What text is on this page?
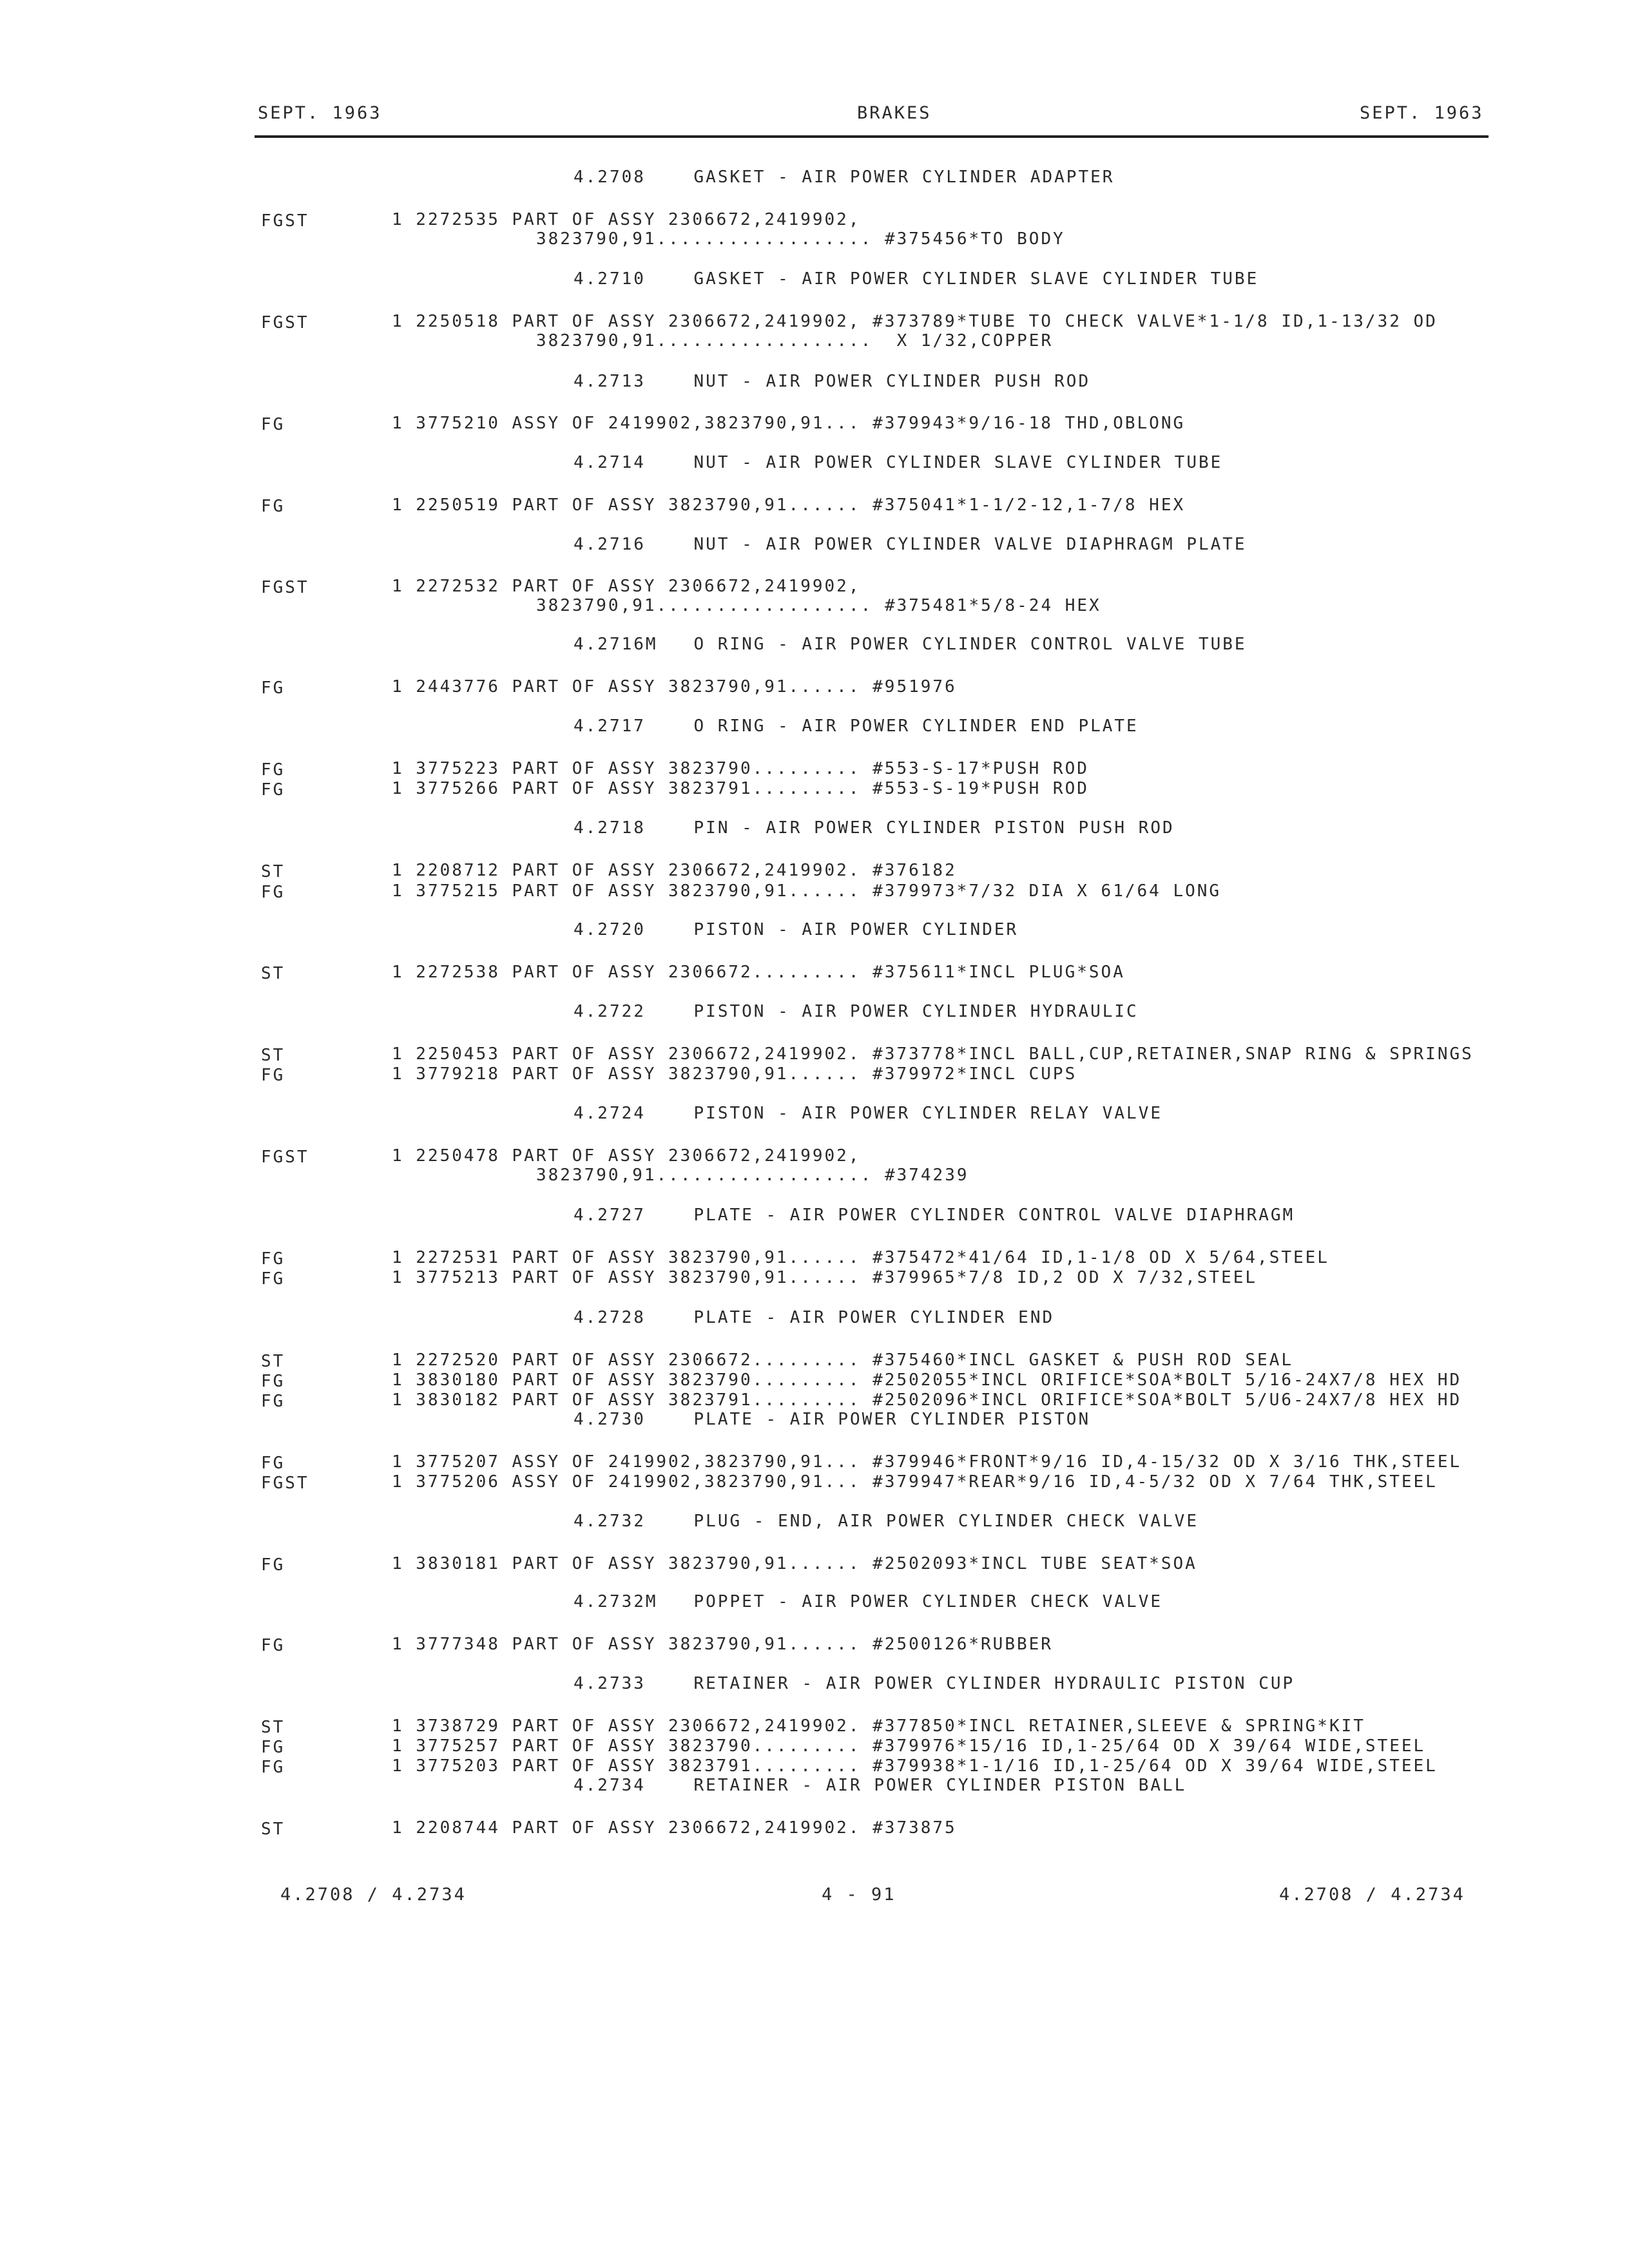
SEPT. 1963	BRAKES	SEPT. 1963
4.2708    GASKET - AIR POWER CYLINDER ADAPTER
FGST	1 2272535 PART OF ASSY 2306672,2419902,
3823790,91.................. #375456*TO BODY
4.2710    GASKET - AIR POWER CYLINDER SLAVE CYLINDER TUBE
FGST	1 2250518 PART OF ASSY 2306672,2419902, #373789*TUBE TO CHECK VALVE*1-1/8 ID,1-13/32 OD
3823790,91..................  X 1/32,COPPER
4.2713    NUT - AIR POWER CYLINDER PUSH ROD
FG	1 3775210 ASSY OF 2419902,3823790,91... #379943*9/16-18 THD,OBLONG
4.2714    NUT - AIR POWER CYLINDER SLAVE CYLINDER TUBE
FG	1 2250519 PART OF ASSY 3823790,91...... #375041*1-1/2-12,1-7/8 HEX
4.2716    NUT - AIR POWER CYLINDER VALVE DIAPHRAGM PLATE
FGST	1 2272532 PART OF ASSY 2306672,2419902,
3823790,91.................. #375481*5/8-24 HEX
4.2716M   O RING - AIR POWER CYLINDER CONTROL VALVE TUBE
FG	1 2443776 PART OF ASSY 3823790,91...... #951976
4.2717    O RING - AIR POWER CYLINDER END PLATE
FG	1 3775223 PART OF ASSY 3823790......... #553-S-17*PUSH ROD
FG	1 3775266 PART OF ASSY 3823791......... #553-S-19*PUSH ROD
4.2718    PIN - AIR POWER CYLINDER PISTON PUSH ROD
ST	1 2208712 PART OF ASSY 2306672,2419902. #376182
FG	1 3775215 PART OF ASSY 3823790,91...... #379973*7/32 DIA X 61/64 LONG
4.2720    PISTON - AIR POWER CYLINDER
ST	1 2272538 PART OF ASSY 2306672......... #375611*INCL PLUG*SOA
4.2722    PISTON - AIR POWER CYLINDER HYDRAULIC
ST	1 2250453 PART OF ASSY 2306672,2419902. #373778*INCL BALL,CUP,RETAINER,SNAP RING & SPRINGS
FG	1 3779218 PART OF ASSY 3823790,91...... #379972*INCL CUPS
4.2724    PISTON - AIR POWER CYLINDER RELAY VALVE
FGST	1 2250478 PART OF ASSY 2306672,2419902,
3823790,91.................. #374239
4.2727    PLATE - AIR POWER CYLINDER CONTROL VALVE DIAPHRAGM
FG	1 2272531 PART OF ASSY 3823790,91...... #375472*41/64 ID,1-1/8 OD X 5/64,STEEL
FG	1 3775213 PART OF ASSY 3823790,91...... #379965*7/8 ID,2 OD X 7/32,STEEL
4.2728    PLATE - AIR POWER CYLINDER END
ST	1 2272520 PART OF ASSY 2306672......... #375460*INCL GASKET & PUSH ROD SEAL
FG	1 3830180 PART OF ASSY 3823790......... #2502055*INCL ORIFICE*SOA*BOLT 5/16-24X7/8 HEX HD
FG	1 3830182 PART OF ASSY 3823791......... #2502096*INCL ORIFICE*SOA*BOLT 5/U6-24X7/8 HEX HD
4.2730    PLATE - AIR POWER CYLINDER PISTON
FG	1 3775207 ASSY OF 2419902,3823790,91... #379946*FRONT*9/16 ID,4-15/32 OD X 3/16 THK,STEEL
FGST	1 3775206 ASSY OF 2419902,3823790,91... #379947*REAR*9/16 ID,4-5/32 OD X 7/64 THK,STEEL
4.2732    PLUG - END, AIR POWER CYLINDER CHECK VALVE
FG	1 3830181 PART OF ASSY 3823790,91...... #2502093*INCL TUBE SEAT*SOA
4.2732M   POPPET - AIR POWER CYLINDER CHECK VALVE
FG	1 3777348 PART OF ASSY 3823790,91...... #2500126*RUBBER
4.2733    RETAINER - AIR POWER CYLINDER HYDRAULIC PISTON CUP
ST	1 3738729 PART OF ASSY 2306672,2419902. #377850*INCL RETAINER,SLEEVE & SPRING*KIT
FG	1 3775257 PART OF ASSY 3823790......... #379976*15/16 ID,1-25/64 OD X 39/64 WIDE,STEEL
FG	1 3775203 PART OF ASSY 3823791......... #379938*1-1/16 ID,1-25/64 OD X 39/64 WIDE,STEEL
4.2734    RETAINER - AIR POWER CYLINDER PISTON BALL
ST	1 2208744 PART OF ASSY 2306672,2419902. #373875
4.2708 / 4.2734	4 - 91	4.2708 / 4.2734
